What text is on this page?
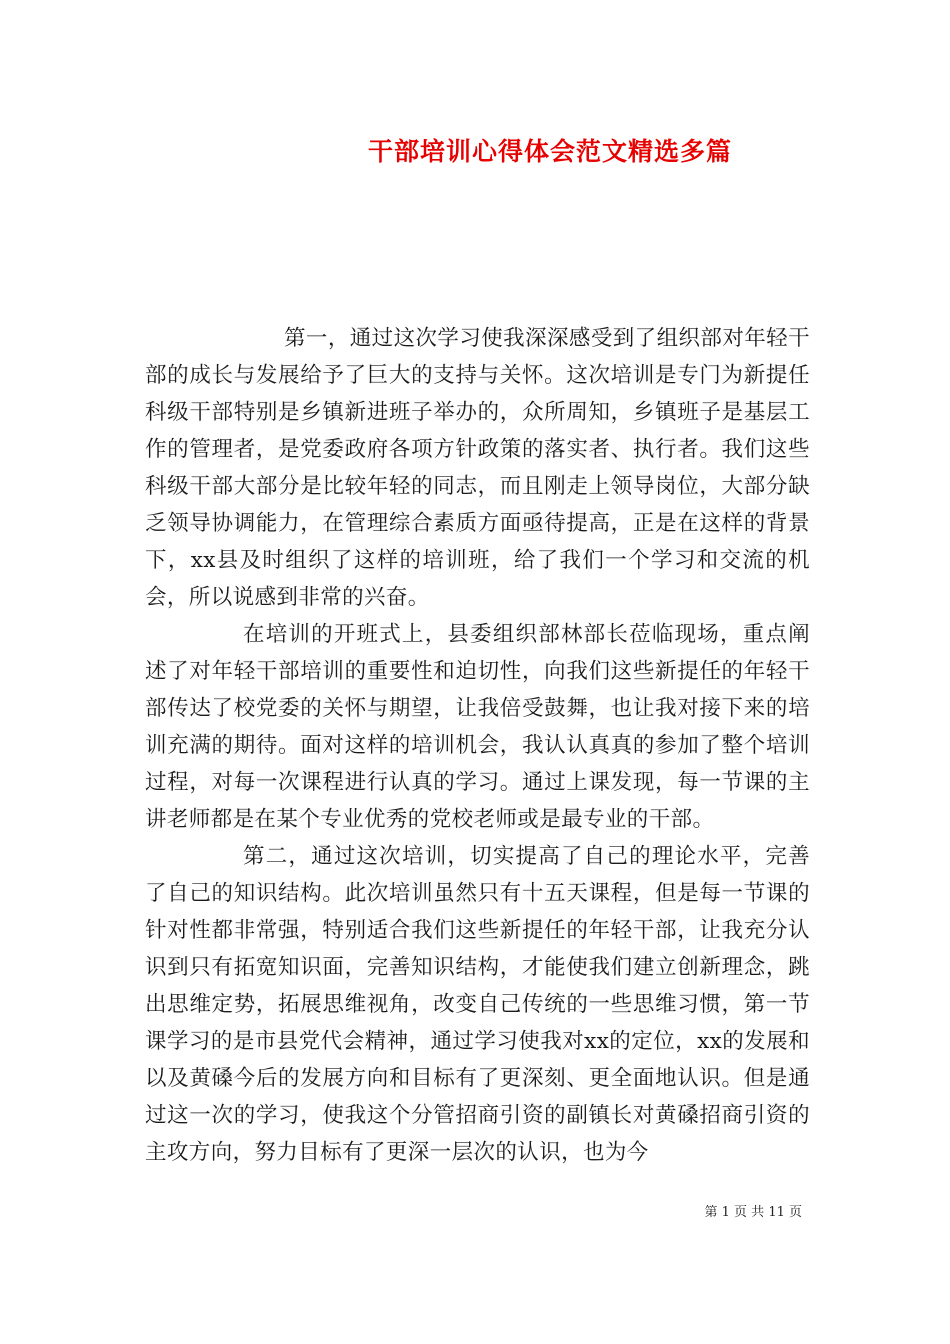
干部培训心得体会范文精选多篇

第一，通过这次学习使我深深感受到了组织部对年轻干部的成长与发展给予了巨大的支持与关怀。这次培训是专门为新提任科级干部特别是乡镇新进班子举办的，众所周知，乡镇班子是基层工作的管理者，是党委政府各项方针政策的落实者、执行者。我们这些科级干部大部分是比较年轻的同志，而且刚走上领导岗位，大部分缺乏领导协调能力，在管理综合素质方面亟待提高，正是在这样的背景下，xx县及时组织了这样的培训班，给了我们一个学习和交流的机会，所以说感到非常的兴奋。

在培训的开班式上，县委组织部林部长莅临现场，重点阐述了对年轻干部培训的重要性和迫切性，向我们这些新提任的年轻干部传达了校党委的关怀与期望，让我倍受鼓舞，也让我对接下来的培训充满的期待。面对这样的培训机会，我认认真真的参加了整个培训过程，对每一次课程进行认真的学习。通过上课发现，每一节课的主讲老师都是在某个专业优秀的党校老师或是最专业的干部。

第二，通过这次培训，切实提高了自己的理论水平，完善了自己的知识结构。此次培训虽然只有十五天课程，但是每一节课的针对性都非常强，特别适合我们这些新提任的年轻干部，让我充分认识到只有拓宽知识面，完善知识结构，才能使我们建立创新理念，跳出思维定势，拓展思维视角，改变自己传统的一些思维习惯，第一节课学习的是市县党代会精神，通过学习使我对xx的定位，xx的发展和以及黄磉今后的发展方向和目标有了更深刻、更全面地认识。但是通过这一次的学习，使我这个分管招商引资的副镇长对黄磉招商引资的主攻方向，努力目标有了更深一层次的认识，也为今

第 1 页 共 11 页
